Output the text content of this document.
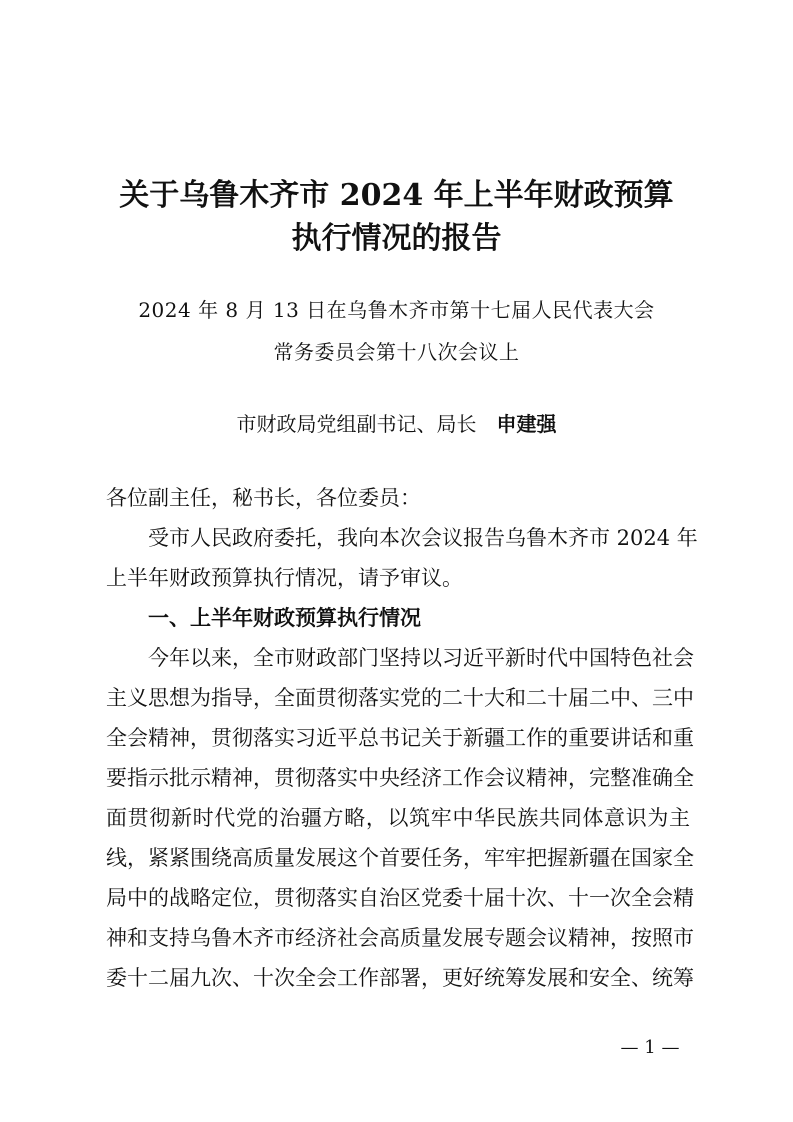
关于乌鲁木齐市 2024 年上半年财政预算
执行情况的报告
2024 年 8 月 13 日在乌鲁木齐市第十七届人民代表大会
常务委员会第十八次会议上
市财政局党组副书记、局长 申建强
各位副主任，秘书长，各位委员：
受市人民政府委托，我向本次会议报告乌鲁木齐市 2024 年
上半年财政预算执行情况，请予审议。
一、上半年财政预算执行情况
今年以来，全市财政部门坚持以习近平新时代中国特色社会
主义思想为指导，全面贯彻落实党的二十大和二十届二中、三中
全会精神，贯彻落实习近平总书记关于新疆工作的重要讲话和重
要指示批示精神，贯彻落实中央经济工作会议精神，完整准确全
面贯彻新时代党的治疆方略，以筑牢中华民族共同体意识为主
线，紧紧围绕高质量发展这个首要任务，牢牢把握新疆在国家全
局中的战略定位，贯彻落实自治区党委十届十次、十一次全会精
神和支持乌鲁木齐市经济社会高质量发展专题会议精神，按照市
委十二届九次、十次全会工作部署，更好统筹发展和安全、统筹
— 1 —
